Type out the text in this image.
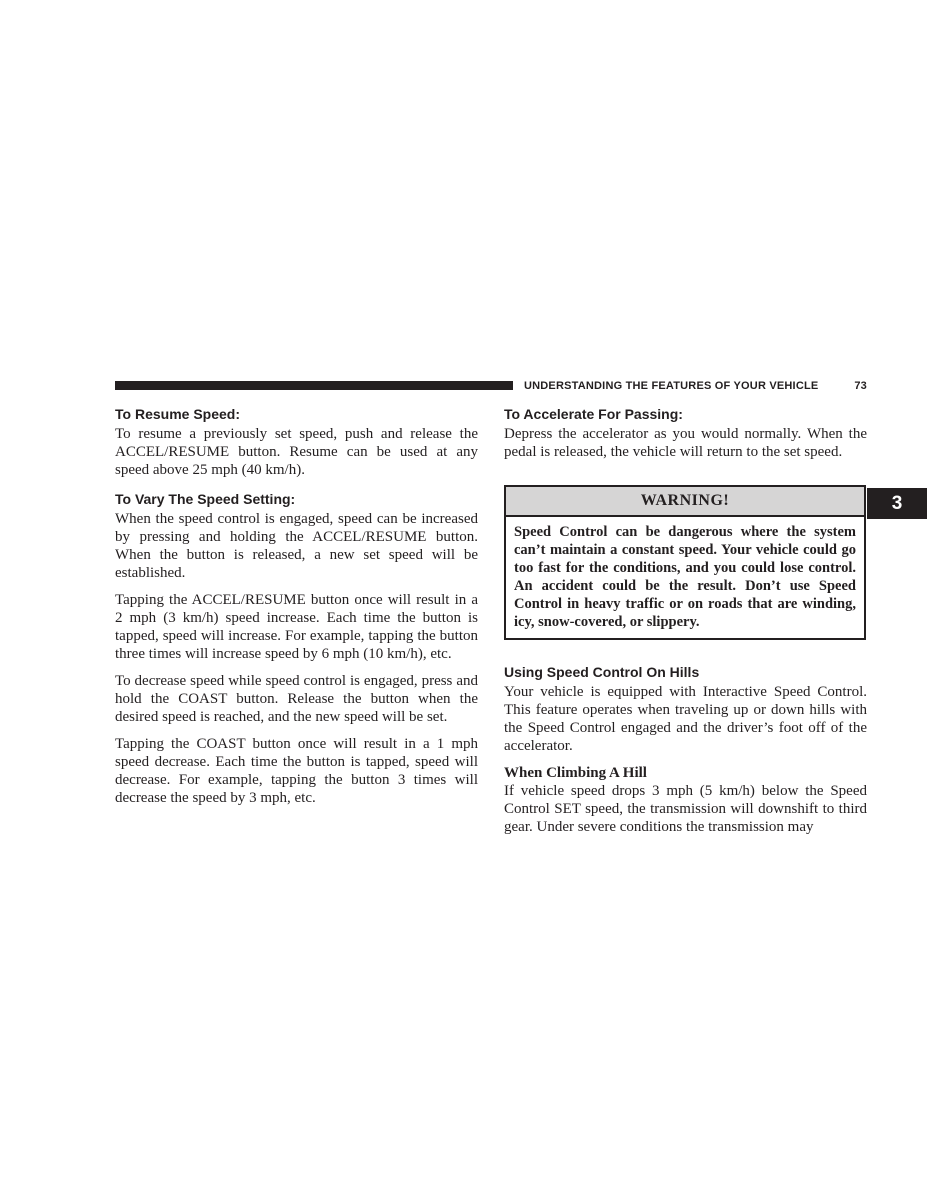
UNDERSTANDING THE FEATURES OF YOUR VEHICLE	73
3
To Resume Speed:

To resume a previously set speed, push and release the ACCEL/RESUME button. Resume can be used at any speed above 25 mph (40 km/h).

To Vary The Speed Setting:

When the speed control is engaged, speed can be increased by pressing and holding the ACCEL/RESUME button. When the button is released, a new set speed will be established.

Tapping the ACCEL/RESUME button once will result in a 2 mph (3 km/h) speed increase. Each time the button is tapped, speed will increase. For example, tapping the button three times will increase speed by 6 mph (10 km/h), etc.

To decrease speed while speed control is engaged, press and hold the COAST button. Release the button when the desired speed is reached, and the new speed will be set.

Tapping the COAST button once will result in a 1 mph speed decrease. Each time the button is tapped, speed will decrease. For example, tapping the button 3 times will decrease the speed by 3 mph, etc.

To Accelerate For Passing:

Depress the accelerator as you would normally. When the pedal is released, the vehicle will return to the set speed.

WARNING!
Speed Control can be dangerous where the system can’t maintain a constant speed. Your vehicle could go too fast for the conditions, and you could lose control. An accident could be the result. Don’t use Speed Control in heavy traffic or on roads that are winding, icy, snow-covered, or slippery.
Using Speed Control On Hills

Your vehicle is equipped with Interactive Speed Control. This feature operates when traveling up or down hills with the Speed Control engaged and the driver’s foot off of the accelerator.

When Climbing A Hill

If vehicle speed drops 3 mph (5 km/h) below the Speed Control SET speed, the transmission will downshift to third gear. Under severe conditions the transmission may
